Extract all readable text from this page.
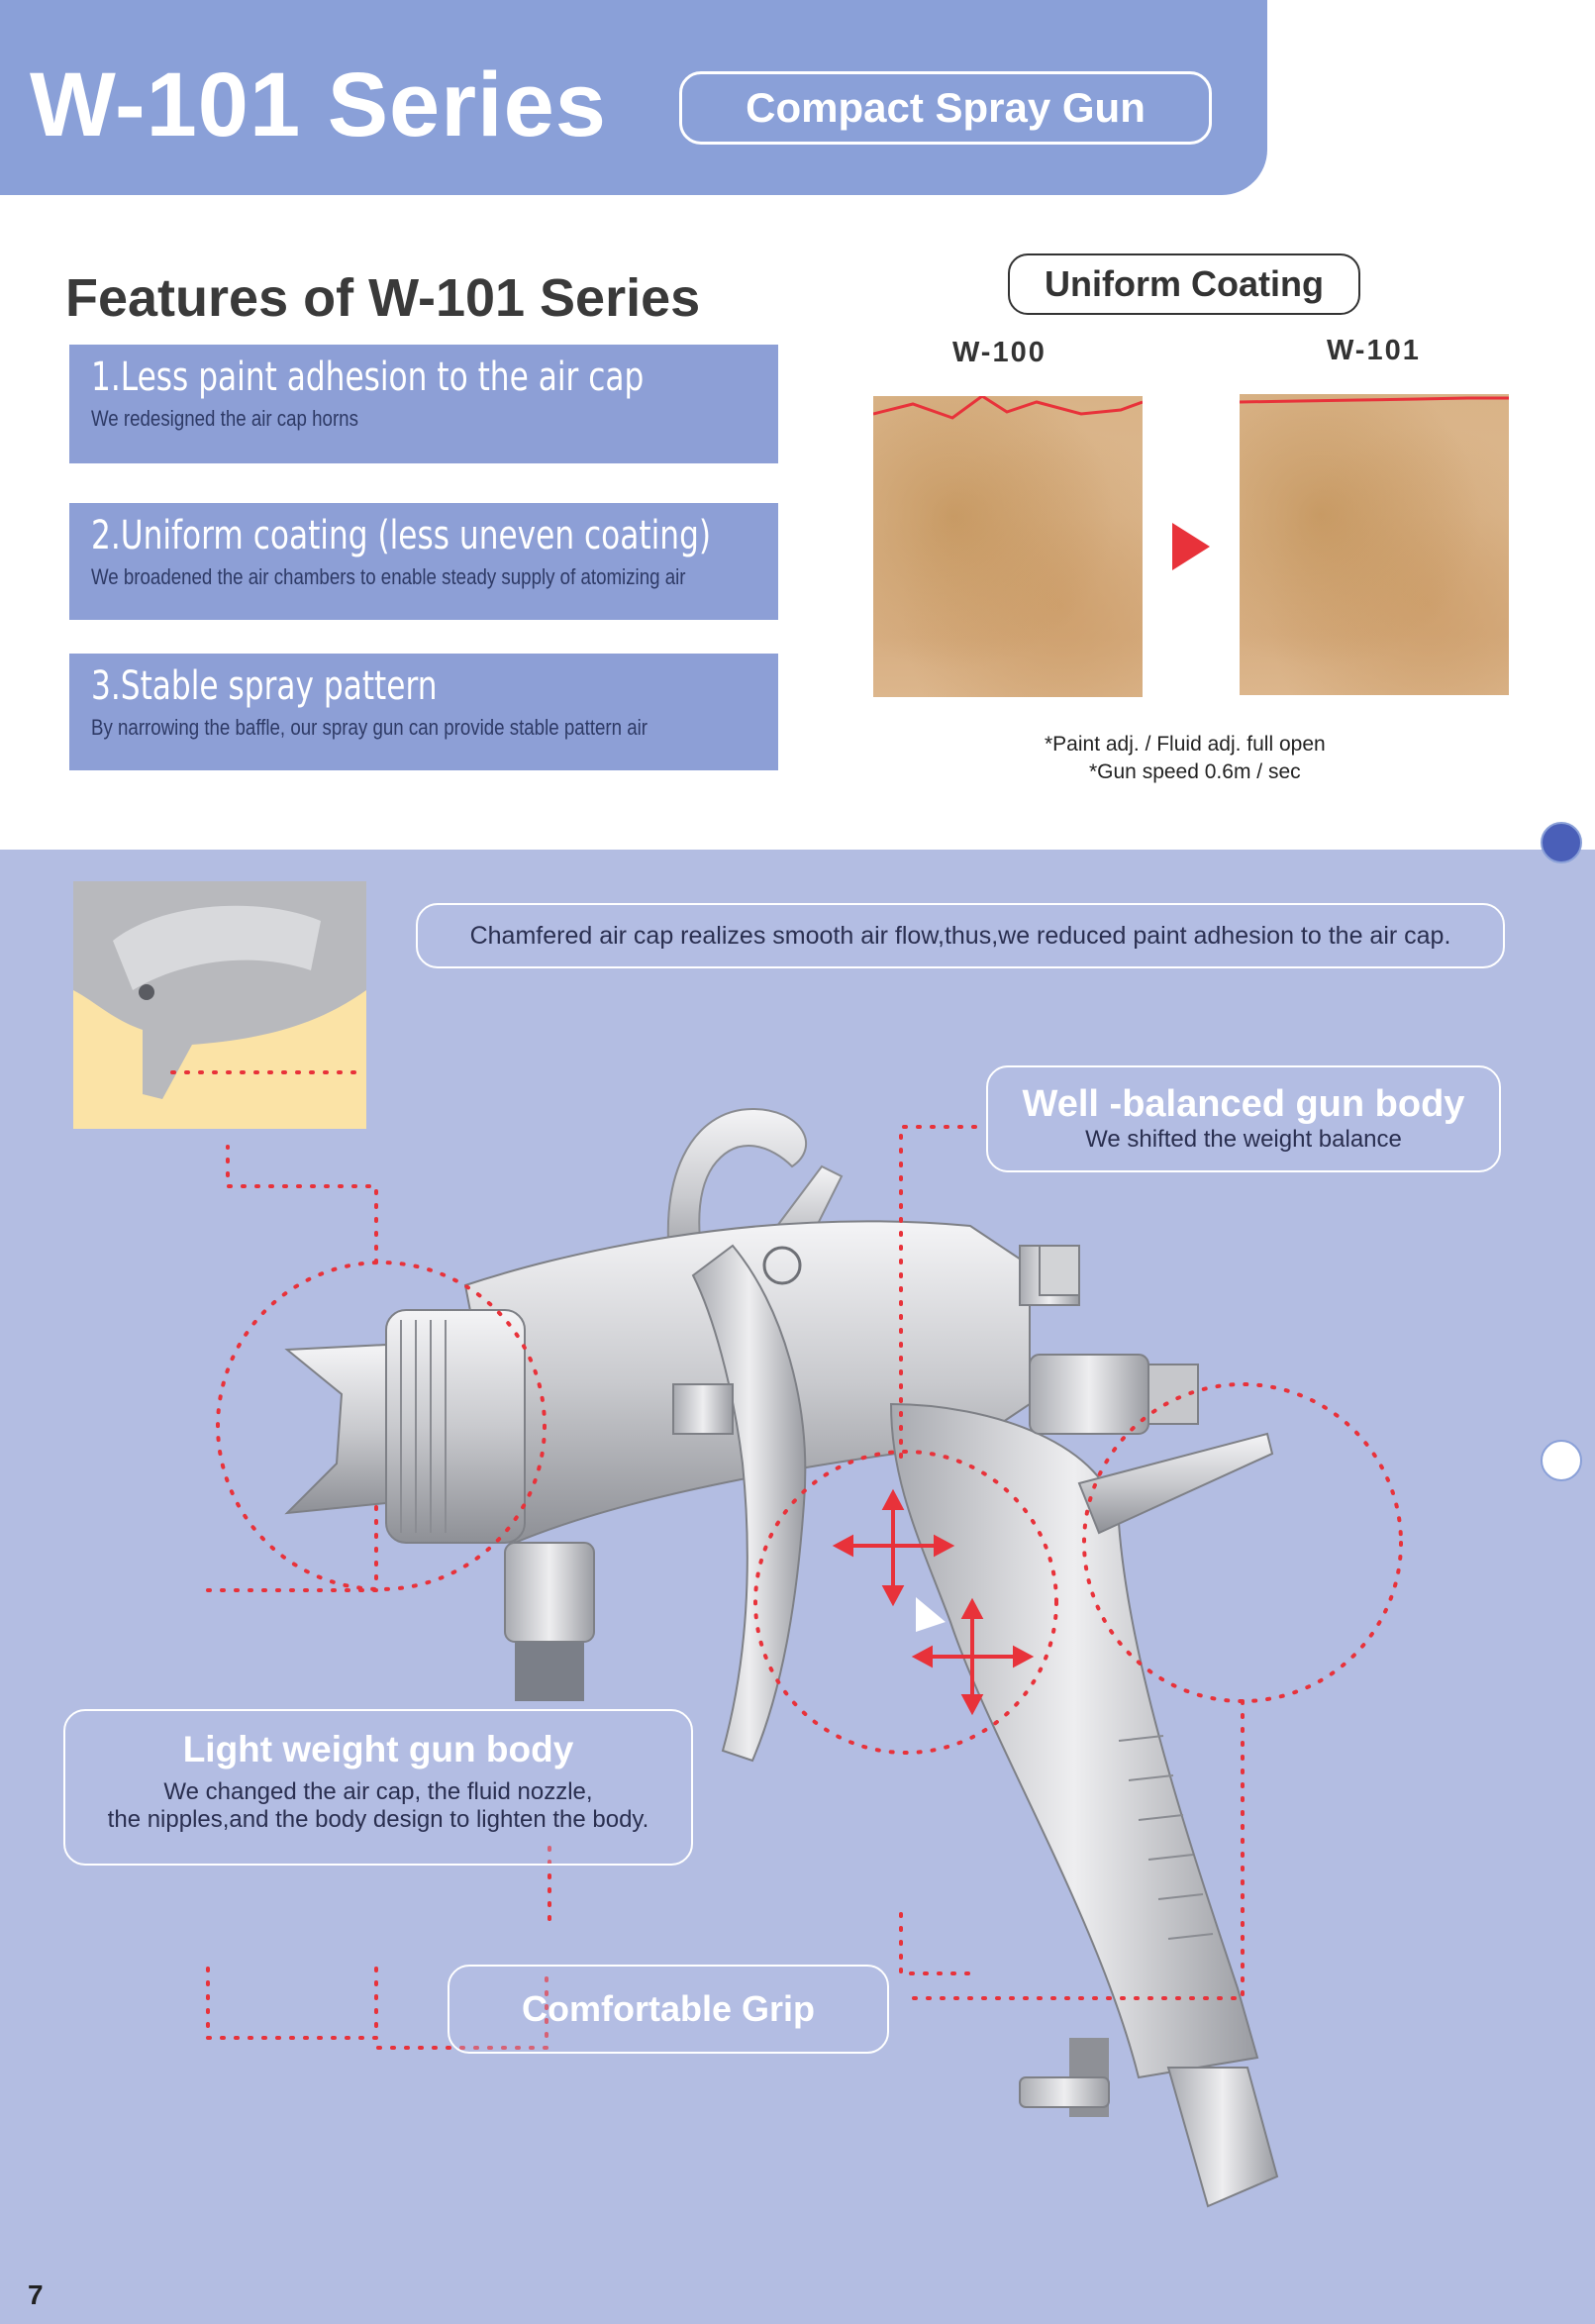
W-101 Series	Compact Spray Gun
Features of W-101 Series
1.Less paint adhesion to the air cap
We redesigned the air cap horns
2.Uniform coating (less uneven coating)
We broadened the air chambers to enable steady supply of atomizing air
3.Stable spray pattern
By narrowing the baffle, our spray gun can provide stable pattern air
Uniform Coating
W-100	W-101
*Paint adj. / Fluid adj. full open
*Gun speed 0.6m / sec
Chamfered air cap realizes smooth air flow,thus,we reduced paint adhesion to the air cap.
Well -balanced gun body
We shifted the weight balance
Light weight gun body
We changed the air cap, the fluid nozzle,
the nipples,and the body design to lighten the body.
Comfortable Grip
7
